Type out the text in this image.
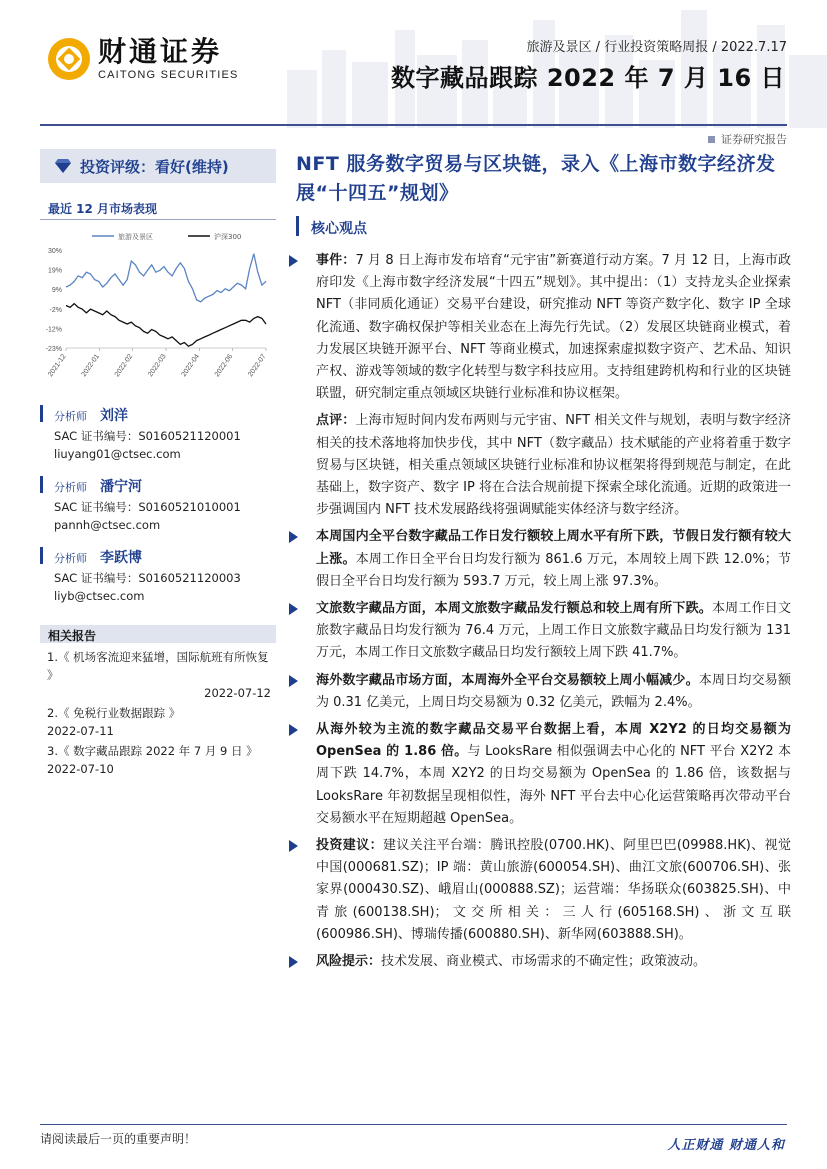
财通证券
CAITONG SECURITIES
旅游及景区 / 行业投资策略周报 / 2022.7.17
数字藏品跟踪 2022 年 7 月 16 日
证券研究报告
投资评级：看好(维持)
最近 12 月市场表现
30%
19%
9%
-2%
-12%
-23%
2021-12 2022-01 2022-02 2022-03 2022-04 2022-06 2022-07
旅游及景区	沪深300
分析师 刘洋
SAC 证书编号：S0160521120001
liuyang01@ctsec.com
分析师 潘宁河
SAC 证书编号：S0160521010001
pannh@ctsec.com
分析师 李跃博
SAC 证书编号：S0160521120003
liyb@ctsec.com
相关报告
1.《 机场客流迎来猛增，国际航班有所恢复 》
2022-07-12
2.《 免税行业数据跟踪 》
2022-07-11
3.《 数字藏品跟踪 2022 年 7 月 9 日 》
2022-07-10
NFT 服务数字贸易与区块链，录入《上海市数字经济发展“十四五”规划》
核心观点
事件：7 月 8 日上海市发布培育“元宇宙”新赛道行动方案。7 月 12 日，上海市政府印发《上海市数字经济发展“十四五”规划》。其中提出：（1）支持龙头企业探索 NFT（非同质化通证）交易平台建设，研究推动 NFT 等资产数字化、数字 IP 全球化流通、数字确权保护等相关业态在上海先行先试。（2）发展区块链商业模式，着力发展区块链开源平台、NFT 等商业模式，加速探索虚拟数字资产、艺术品、知识产权、游戏等领域的数字化转型与数字科技应用。支持组建跨机构和行业的区块链联盟，研究制定重点领域区块链行业标准和协议框架。
点评：上海市短时间内发布两则与元宇宙、NFT 相关文件与规划，表明与数字经济相关的技术落地将加快步伐，其中 NFT（数字藏品）技术赋能的产业将着重于数字贸易与区块链，相关重点领域区块链行业标准和协议框架将得到规范与制定，在此基础上，数字资产、数字 IP 将在合法合规前提下探索全球化流通。近期的政策进一步强调国内 NFT 技术发展路线将强调赋能实体经济与数字经济。
本周国内全平台数字藏品工作日发行额较上周水平有所下跌，节假日发行额有较大上涨。本周工作日全平台日均发行额为 861.6 万元，本周较上周下跌 12.0%；节假日全平台日均发行额为 593.7 万元，较上周上涨 97.3%。
文旅数字藏品方面，本周文旅数字藏品发行额总和较上周有所下跌。本周工作日文旅数字藏品日均发行额为 76.4 万元，上周工作日文旅数字藏品日均发行额为 131 万元，本周工作日文旅数字藏品日均发行额较上周下跌 41.7%。
海外数字藏品市场方面，本周海外全平台交易额较上周小幅减少。本周日均交易额为 0.31 亿美元，上周日均交易额为 0.32 亿美元，跌幅为 2.4%。
从海外较为主流的数字藏品交易平台数据上看，本周 X2Y2 的日均交易额为 OpenSea 的 1.86 倍。与 LooksRare 相似强调去中心化的 NFT 平台 X2Y2 本周下跌 14.7%，本周 X2Y2 的日均交易额为 OpenSea 的 1.86 倍，该数据与 LooksRare 年初数据呈现相似性，海外 NFT 平台去中心化运营策略再次带动平台交易额水平在短期超越 OpenSea。
投资建议：建议关注平台端：腾讯控股(0700.HK)、阿里巴巴(09988.HK)、视觉中国(000681.SZ)；IP 端：黄山旅游(600054.SH)、曲江文旅(600706.SH)、张家界(000430.SZ)、峨眉山(000888.SZ)；运营端：华扬联众(603825.SH)、中青旅(600138.SH)；文交所相关：三人行(605168.SH)、浙文互联(600986.SH)、博瑞传播(600880.SH)、新华网(603888.SH)。
风险提示：技术发展、商业模式、市场需求的不确定性；政策波动。
请阅读最后一页的重要声明！	人正财通 财通人和
